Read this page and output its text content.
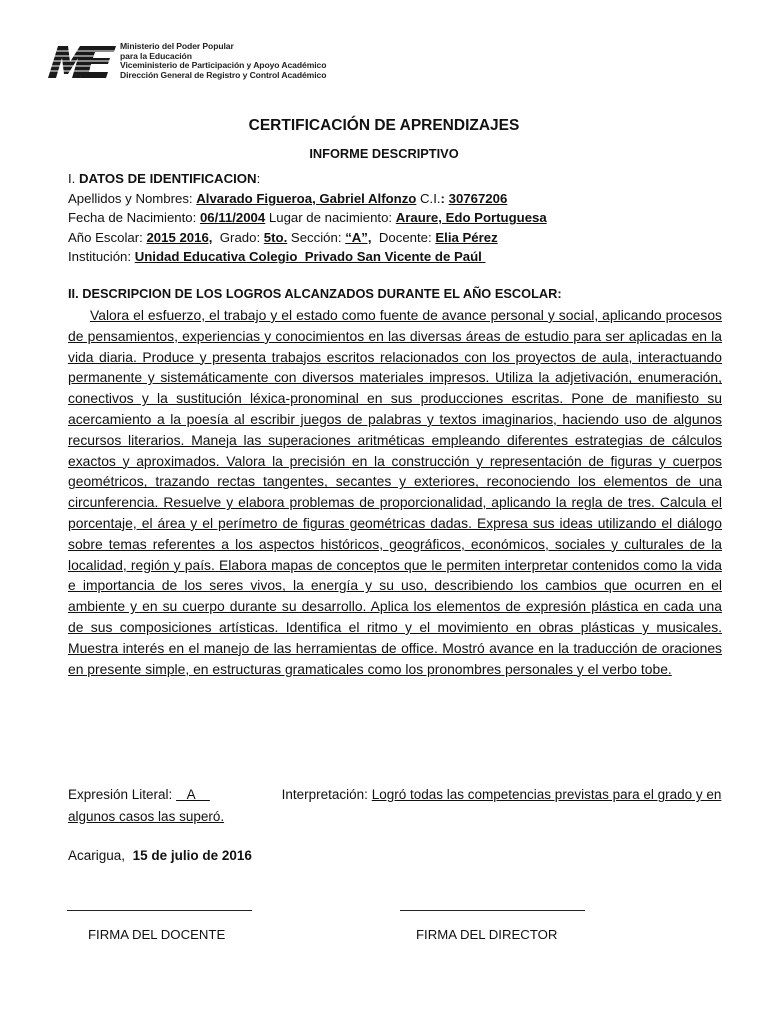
Ministerio del Poder Popular
para la Educación
Viceministerio de Participación y Apoyo Académico
Dirección General de Registro y Control Académico
CERTIFICACIÓN DE APRENDIZAJES
INFORME DESCRIPTIVO
I. DATOS DE IDENTIFICACION:
Apellidos y Nombres: Alvarado Figueroa, Gabriel Alfonzo C.I.: 30767206
Fecha de Nacimiento: 06/11/2004 Lugar de nacimiento: Araure, Edo Portuguesa
Año Escolar: 2015 2016, Grado: 5to. Sección: “A”, Docente: Elia Pérez
Institución: Unidad Educativa Colegio  Privado San Vicente de Paúl
II. DESCRIPCION DE LOS LOGROS ALCANZADOS DURANTE EL AÑO ESCOLAR:
Valora el esfuerzo, el trabajo y el estado como fuente de avance personal y social, aplicando procesos de pensamientos, experiencias y conocimientos en las diversas áreas de estudio para ser aplicadas en la vida diaria. Produce y presenta trabajos escritos relacionados con los proyectos de aula, interactuando permanente y sistemáticamente con diversos materiales impresos. Utiliza la adjetivación, enumeración, conectivos y la sustitución léxica-pronominal en sus producciones escritas. Pone de manifiesto su acercamiento a la poesía al escribir juegos de palabras y textos imaginarios, haciendo uso de algunos recursos literarios. Maneja las superaciones aritméticas empleando diferentes estrategias de cálculos exactos y aproximados. Valora la precisión en la construcción y representación de figuras y cuerpos geométricos, trazando rectas tangentes, secantes y exteriores, reconociendo los elementos de una circunferencia. Resuelve y elabora problemas de proporcionalidad, aplicando la regla de tres. Calcula el porcentaje, el área y el perímetro de figuras geométricas dadas. Expresa sus ideas utilizando el diálogo sobre temas referentes a los aspectos históricos, geográficos, económicos, sociales y culturales de la localidad, región y país. Elabora mapas de conceptos que le permiten interpretar contenidos como la vida e importancia de los seres vivos, la energía y su uso, describiendo los cambios que ocurren en el ambiente y en su cuerpo durante su desarrollo. Aplica los elementos de expresión plástica en cada una de sus composiciones artísticas. Identifica el ritmo y el movimiento en obras plásticas y musicales. Muestra interés en el manejo de las herramientas de office. Mostró avance en la traducción de oraciones en presente simple, en estructuras gramaticales como los pronombres personales y el verbo tobe.
Expresión Literal:    A	Interpretación: Logró todas las competencias previstas para el grado y en algunos casos las superó.
Acarigua, 15 de julio de 2016
FIRMA DEL DOCENTE	FIRMA DEL DIRECTOR
